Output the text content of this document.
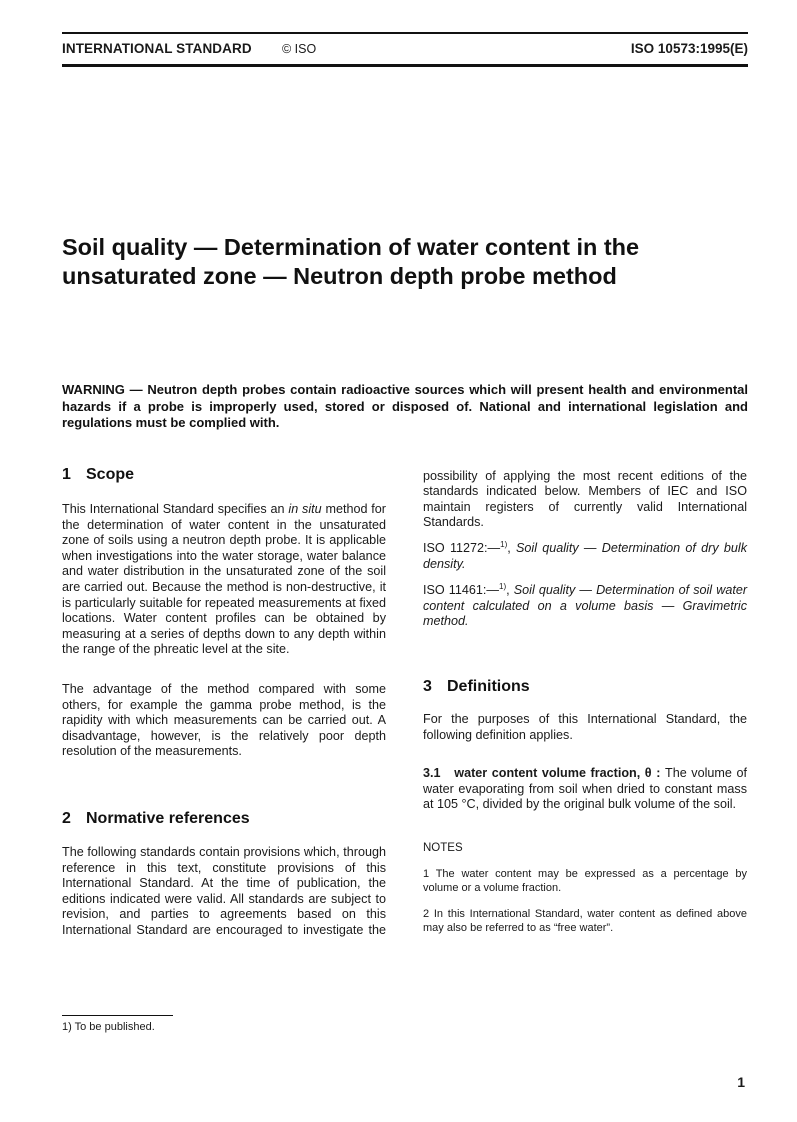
INTERNATIONAL STANDARD © ISO	ISO 10573:1995(E)
Soil quality — Determination of water content in the unsaturated zone — Neutron depth probe method

WARNING — Neutron depth probes contain radioactive sources which will present health and environmental hazards if a probe is improperly used, stored or disposed of. National and international legislation and regulations must be complied with.

1 Scope

This International Standard specifies an in situ method for the determination of water content in the unsaturated zone of soils using a neutron depth probe. It is applicable when investigations into the water storage, water balance and water distribution in the unsaturated zone of the soil are carried out. Because the method is non-destructive, it is particularly suitable for repeated measurements at fixed locations. Water content profiles can be obtained by measuring at a series of depths down to any depth within the range of the phreatic level at the site.

The advantage of the method compared with some others, for example the gamma probe method, is the rapidity with which measurements can be carried out. A disadvantage, however, is the relatively poor depth resolution of the measurements.

2 Normative references

The following standards contain provisions which, through reference in this text, constitute provisions of this International Standard. At the time of publication, the editions indicated were valid. All standards are subject to revision, and parties to agreements based on this International Standard are encouraged to investigate the

possibility of applying the most recent editions of the standards indicated below. Members of IEC and ISO maintain registers of currently valid International Standards.

ISO 11272:—$^{1)}$, Soil quality — Determination of dry bulk density.

ISO 11461:—$^{1)}$, Soil quality — Determination of soil water content calculated on a volume basis — Gravimetric method.

3 Definitions

For the purposes of this International Standard, the following definition applies.

3.1 water content volume fraction, θ : The volume of water evaporating from soil when dried to constant mass at 105 °C, divided by the original bulk volume of the soil.

NOTES

1 The water content may be expressed as a percentage by volume or a volume fraction.

2 In this International Standard, water content as defined above may also be referred to as “free water”.

1) To be published.
1
